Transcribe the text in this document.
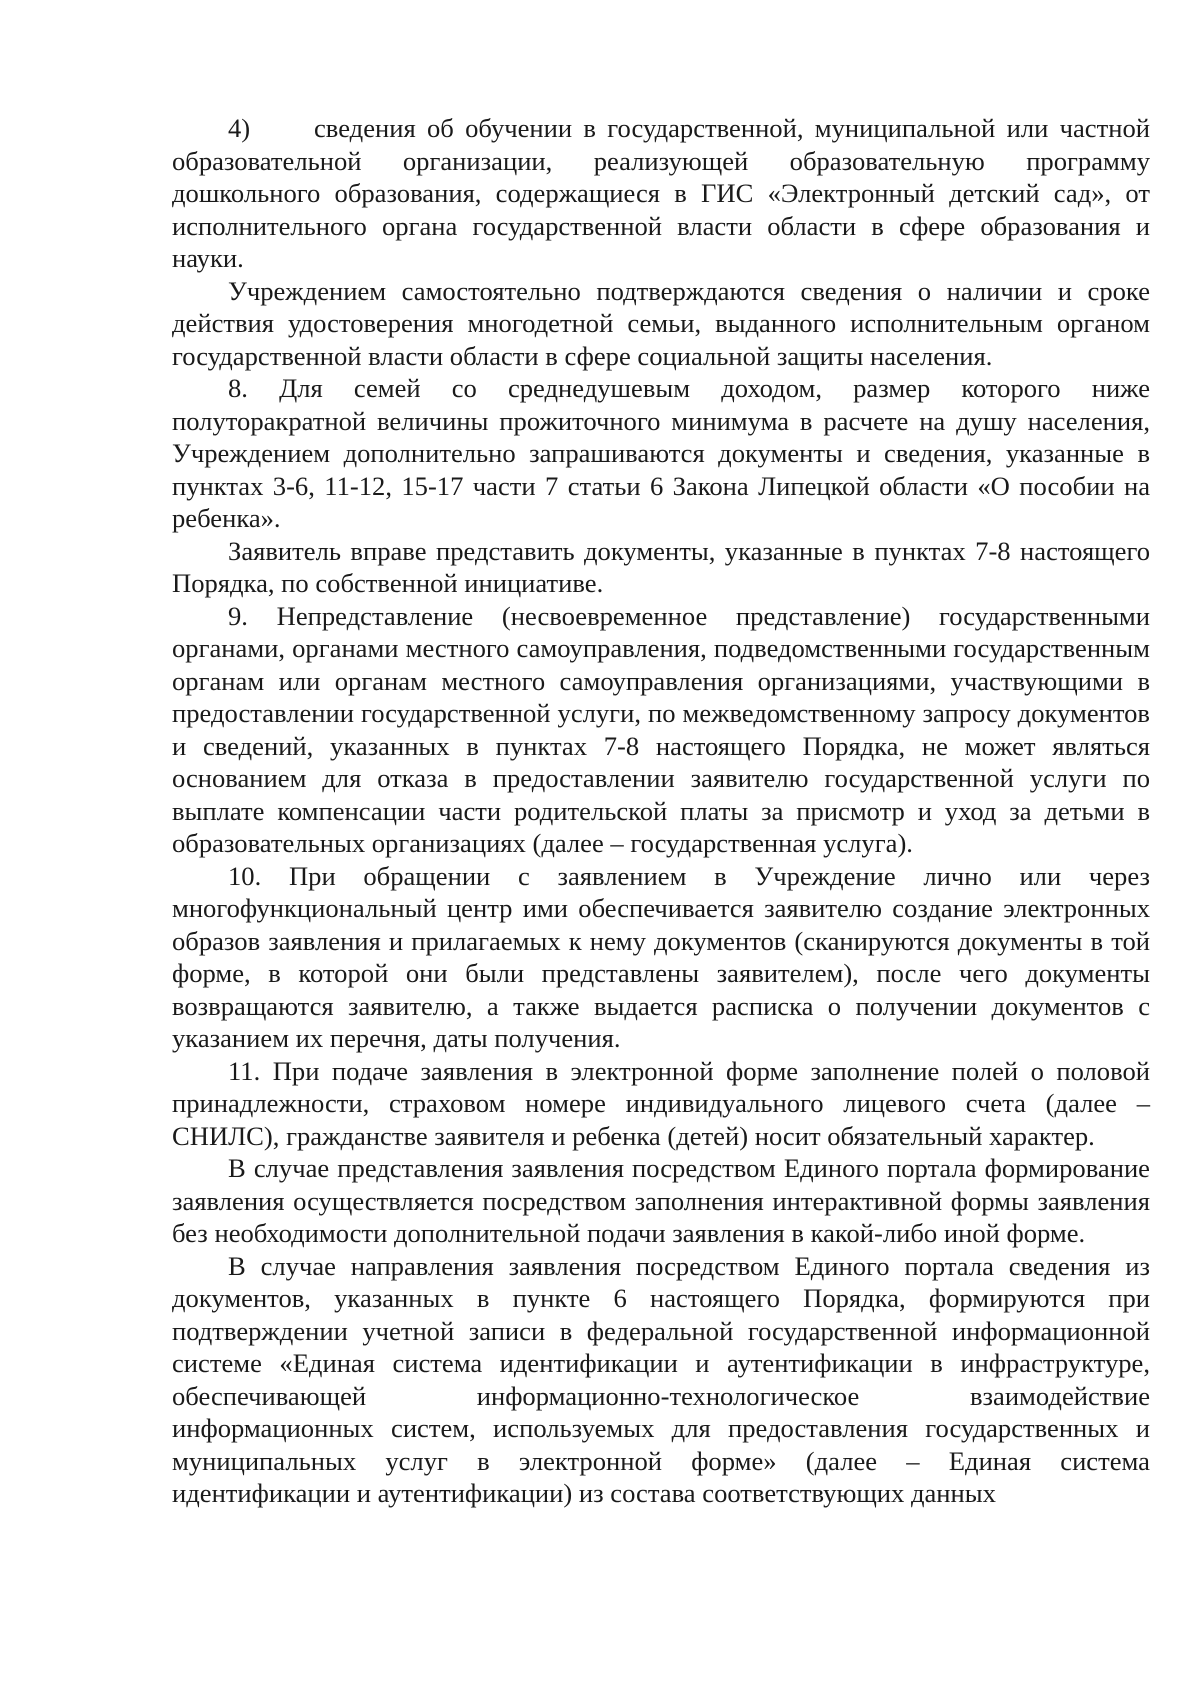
4) сведения об обучении в государственной, муниципальной или частной образовательной организации, реализующей образовательную программу дошкольного образования, содержащиеся в ГИС «Электронный детский сад», от исполнительного органа государственной власти области в сфере образования и науки.

Учреждением самостоятельно подтверждаются сведения о наличии и сроке действия удостоверения многодетной семьи, выданного исполнительным органом государственной власти области в сфере социальной защиты населения.

8. Для семей со среднедушевым доходом, размер которого ниже полуторакратной величины прожиточного минимума в расчете на душу населения, Учреждением дополнительно запрашиваются документы и сведения, указанные в пунктах 3-6, 11-12, 15-17 части 7 статьи 6 Закона Липецкой области «О пособии на ребенка».

Заявитель вправе представить документы, указанные в пунктах 7-8 настоящего Порядка, по собственной инициативе.

9. Непредставление (несвоевременное представление) государственными органами, органами местного самоуправления, подведомственными государственным органам или органам местного самоуправления организациями, участвующими в предоставлении государственной услуги, по межведомственному запросу документов и сведений, указанных в пунктах 7-8 настоящего Порядка, не может являться основанием для отказа в предоставлении заявителю государственной услуги по выплате компенсации части родительской платы за присмотр и уход за детьми в образовательных организациях (далее – государственная услуга).

10. При обращении с заявлением в Учреждение лично или через многофункциональный центр ими обеспечивается заявителю создание электронных образов заявления и прилагаемых к нему документов (сканируются документы в той форме, в которой они были представлены заявителем), после чего документы возвращаются заявителю, а также выдается расписка о получении документов с указанием их перечня, даты получения.

11. При подаче заявления в электронной форме заполнение полей о половой принадлежности, страховом номере индивидуального лицевого счета (далее – СНИЛС), гражданстве заявителя и ребенка (детей) носит обязательный характер.

В случае представления заявления посредством Единого портала формирование заявления осуществляется посредством заполнения интерактивной формы заявления без необходимости дополнительной подачи заявления в какой-либо иной форме.

В случае направления заявления посредством Единого портала сведения из документов, указанных в пункте 6 настоящего Порядка, формируются при подтверждении учетной записи в федеральной государственной информационной системе «Единая система идентификации и аутентификации в инфраструктуре, обеспечивающей информационно-технологическое взаимодействие информационных систем, используемых для предоставления государственных и муниципальных услуг в электронной форме» (далее – Единая система идентификации и аутентификации) из состава соответствующих данных
